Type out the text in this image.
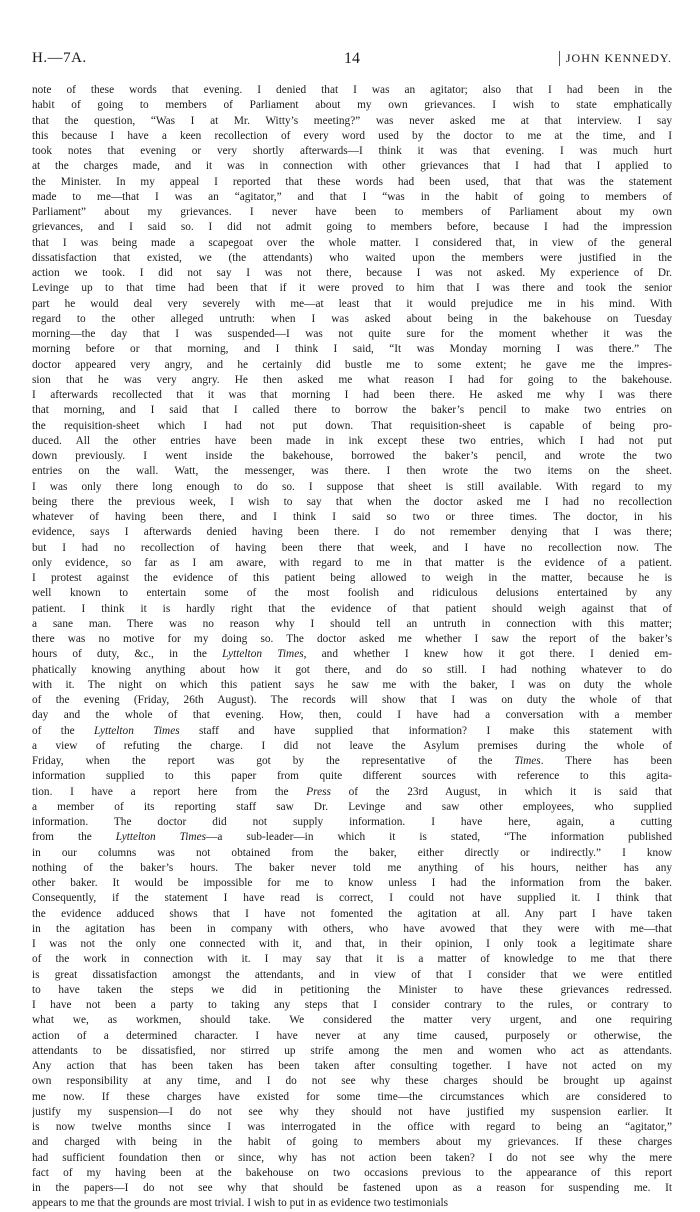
H.—7A.	14	JOHN KENNEDY.
note of these words that evening. I denied that I was an agitator; also that I had been in the
habit of going to members of Parliament about my own grievances. I wish to state emphatically
that the question, “Was I at Mr. Witty’s meeting?” was never asked me at that interview. I say
this because I have a keen recollection of every word used by the doctor to me at the time, and I
took notes that evening or very shortly afterwards—I think it was that evening. I was much hurt
at the charges made, and it was in connection with other grievances that I had that I applied to
the Minister. In my appeal I reported that these words had been used, that that was the statement
made to me—that I was an “agitator,” and that I “was in the habit of going to members of
Parliament” about my grievances. I never have been to members of Parliament about my own
grievances, and I said so. I did not admit going to members before, because I had the impression
that I was being made a scapegoat over the whole matter. I considered that, in view of the general
dissatisfaction that existed, we (the attendants) who waited upon the members were justified in the
action we took. I did not say I was not there, because I was not asked. My experience of Dr.
Levinge up to that time had been that if it were proved to him that I was there and took the senior
part he would deal very severely with me—at least that it would prejudice me in his mind. With
regard to the other alleged untruth: when I was asked about being in the bakehouse on Tuesday
morning—the day that I was suspended—I was not quite sure for the moment whether it was the
morning before or that morning, and I think I said, “It was Monday morning I was there.” The
doctor appeared very angry, and he certainly did bustle me to some extent; he gave me the impres-
sion that he was very angry. He then asked me what reason I had for going to the bakehouse.
I afterwards recollected that it was that morning I had been there. He asked me why I was there
that morning, and I said that I called there to borrow the baker’s pencil to make two entries on
the requisition-sheet which I had not put down. That requisition-sheet is capable of being pro-
duced. All the other entries have been made in ink except these two entries, which I had not put
down previously. I went inside the bakehouse, borrowed the baker’s pencil, and wrote the two
entries on the wall. Watt, the messenger, was there. I then wrote the two items on the sheet.
I was only there long enough to do so. I suppose that sheet is still available. With regard to my
being there the previous week, I wish to say that when the doctor asked me I had no recollection
whatever of having been there, and I think I said so two or three times. The doctor, in his
evidence, says I afterwards denied having been there. I do not remember denying that I was there;
but I had no recollection of having been there that week, and I have no recollection now. The
only evidence, so far as I am aware, with regard to me in that matter is the evidence of a patient.
I protest against the evidence of this patient being allowed to weigh in the matter, because he is
well known to entertain some of the most foolish and ridiculous delusions entertained by any
patient. I think it is hardly right that the evidence of that patient should weigh against that of
a sane man. There was no reason why I should tell an untruth in connection with this matter;
there was no motive for my doing so. The doctor asked me whether I saw the report of the baker’s
hours of duty, &c., in the Lyttelton Times, and whether I knew how it got there. I denied em-
phatically knowing anything about how it got there, and do so still. I had nothing whatever to do
with it. The night on which this patient says he saw me with the baker, I was on duty the whole
of the evening (Friday, 26th August). The records will show that I was on duty the whole of that
day and the whole of that evening. How, then, could I have had a conversation with a member
of the Lyttelton Times staff and have supplied that information? I make this statement with
a view of refuting the charge. I did not leave the Asylum premises during the whole of
Friday, when the report was got by the representative of the Times. There has been
information supplied to this paper from quite different sources with reference to this agita-
tion. I have a report here from the Press of the 23rd August, in which it is said that
a member of its reporting staff saw Dr. Levinge and saw other employees, who supplied
information. The doctor did not supply information. I have here, again, a cutting
from the Lyttelton Times—a sub-leader—in which it is stated, “The information published
in our columns was not obtained from the baker, either directly or indirectly.” I know
nothing of the baker’s hours. The baker never told me anything of his hours, neither has any
other baker. It would be impossible for me to know unless I had the information from the baker.
Consequently, if the statement I have read is correct, I could not have supplied it. I think that
the evidence adduced shows that I have not fomented the agitation at all. Any part I have taken
in the agitation has been in company with others, who have avowed that they were with me—that
I was not the only one connected with it, and that, in their opinion, I only took a legitimate share
of the work in connection with it. I may say that it is a matter of knowledge to me that there
is great dissatisfaction amongst the attendants, and in view of that I consider that we were entitled
to have taken the steps we did in petitioning the Minister to have these grievances redressed.
I have not been a party to taking any steps that I consider contrary to the rules, or contrary to
what we, as workmen, should take. We considered the matter very urgent, and one requiring
action of a determined character. I have never at any time caused, purposely or otherwise, the
attendants to be dissatisfied, nor stirred up strife among the men and women who act as attendants.
Any action that has been taken has been taken after consulting together. I have not acted on my
own responsibility at any time, and I do not see why these charges should be brought up against
me now. If these charges have existed for some time—the circumstances which are considered to
justify my suspension—I do not see why they should not have justified my suspension earlier. It
is now twelve months since I was interrogated in the office with regard to being an “agitator,”
and charged with being in the habit of going to members about my grievances. If these charges
had sufficient foundation then or since, why has not action been taken? I do not see why the mere
fact of my having been at the bakehouse on two occasions previous to the appearance of this report
in the papers—I do not see why that should be fastened upon as a reason for suspending me. It
appears to me that the grounds are most trivial. I wish to put in as evidence two testimonials
